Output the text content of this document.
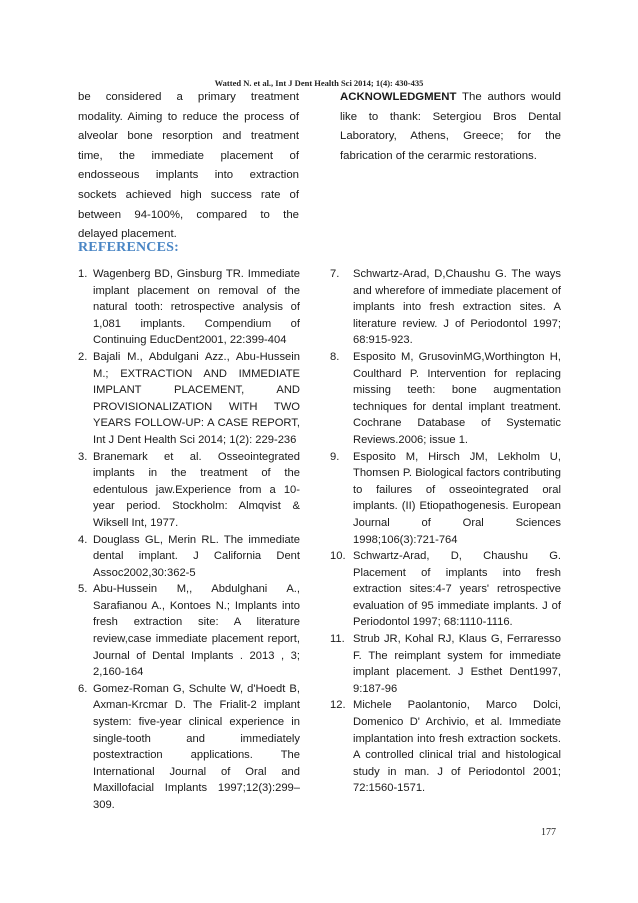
Watted N. et al., Int J Dent Health Sci 2014; 1(4): 430-435
be considered a primary treatment modality. Aiming to reduce the process of alveolar bone resorption and treatment time, the immediate placement of endosseous implants into extraction sockets achieved high success rate of between 94-100%, compared to the delayed placement.
ACKNOWLEDGMENT The authors would like to thank: Setergiou Bros Dental Laboratory, Athens, Greece; for the fabrication of the cerarmic restorations.
REFERENCES:
1. Wagenberg BD, Ginsburg TR. Immediate implant placement on removal of the natural tooth: retrospective analysis of 1,081 implants. Compendium of Continuing EducDent2001, 22:399-404
2. Bajali M., Abdulgani Azz., Abu-Hussein M.; EXTRACTION AND IMMEDIATE IMPLANT PLACEMENT, AND PROVISIONALIZATION WITH TWO YEARS FOLLOW-UP: A CASE REPORT, Int J Dent Health Sci 2014; 1(2): 229-236
3. Branemark et al. Osseointegrated implants in the treatment of the edentulous jaw.Experience from a 10-year period. Stockholm: Almqvist & Wiksell Int, 1977.
4. Douglass GL, Merin RL. The immediate dental implant. J California Dent Assoc2002,30:362-5
5. Abu-Hussein M,, Abdulghani A., Sarafianou A., Kontoes N.; Implants into fresh extraction site: A literature review,case immediate placement report, Journal of Dental Implants . 2013 , 3; 2,160-164
6. Gomez-Roman G, Schulte W, d'Hoedt B, Axman-Krcmar D. The Frialit-2 implant system: five-year clinical experience in single-tooth and immediately postextraction applications. The International Journal of Oral and Maxillofacial Implants 1997;12(3):299–309.
7.	Schwartz-Arad, D,Chaushu G. The ways and wherefore of immediate placement of implants into fresh extraction sites. A literature review. J of Periodontol 1997; 68:915-923.
8.	Esposito M, GrusovinMG,Worthington H, Coulthard P. Intervention for replacing missing teeth: bone augmentation techniques for dental implant treatment. Cochrane Database of Systematic Reviews.2006; issue 1.
9.	Esposito M, Hirsch JM, Lekholm U, Thomsen P. Biological factors contributing to failures of osseointegrated oral implants. (II) Etiopathogenesis. European Journal of Oral Sciences 1998;106(3):721-764
10. Schwartz-Arad, D, Chaushu G. Placement of implants into fresh extraction sites:4-7 years' retrospective evaluation of 95 immediate implants. J of Periodontol 1997; 68:1110-1116.
11. Strub JR, Kohal RJ, Klaus G, Ferraresso F. The reimplant system for immediate implant placement. J Esthet Dent1997, 9:187-96
12. Michele Paolantonio, Marco Dolci, Domenico D' Archivio, et al. Immediate implantation into fresh extraction sockets. A controlled clinical trial and histological study in man. J of Periodontol 2001; 72:1560-1571.
177
